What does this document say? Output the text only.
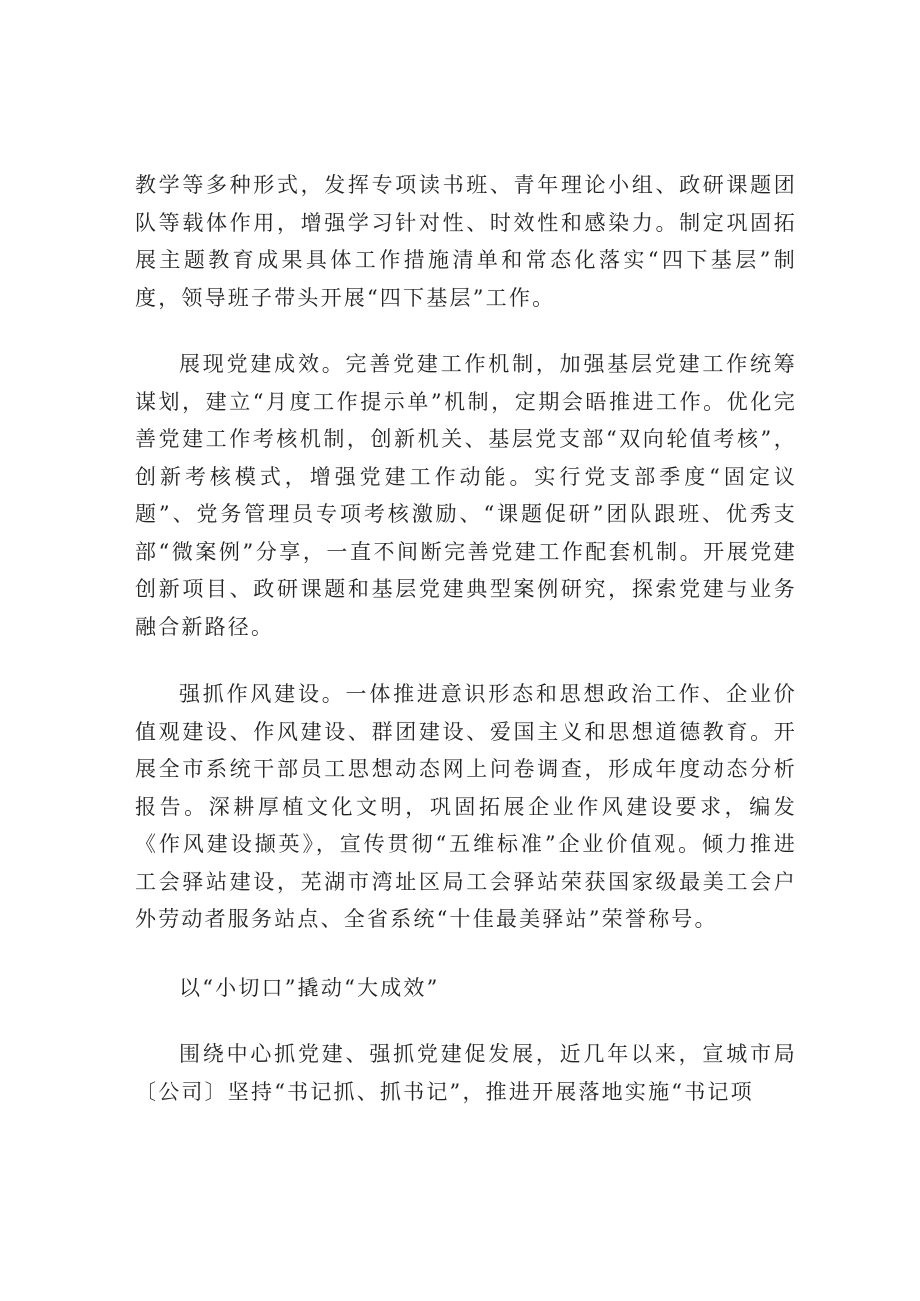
教学等多种形式，发挥专项读书班、青年理论小组、政研课题团队等载体作用，增强学习针对性、时效性和感染力。制定巩固拓展主题教育成果具体工作措施清单和常态化落实“四下基层”制度，领导班子带头开展“四下基层”工作。

展现党建成效。完善党建工作机制，加强基层党建工作统筹谋划，建立“月度工作提示单”机制，定期会晤推进工作。优化完善党建工作考核机制，创新机关、基层党支部“双向轮值考核”，创新考核模式，增强党建工作动能。实行党支部季度“固定议题”、党务管理员专项考核激励、“课题促研”团队跟班、优秀支部“微案例”分享，一直不间断完善党建工作配套机制。开展党建创新项目、政研课题和基层党建典型案例研究，探索党建与业务融合新路径。

强抓作风建设。一体推进意识形态和思想政治工作、企业价值观建设、作风建设、群团建设、爱国主义和思想道德教育。开展全市系统干部员工思想动态网上问卷调查，形成年度动态分析报告。深耕厚植文化文明，巩固拓展企业作风建设要求，编发《作风建设撷英》，宣传贯彻“五维标准”企业价值观。倾力推进工会驿站建设，芜湖市湾址区局工会驿站荣获国家级最美工会户外劳动者服务站点、全省系统“十佳最美驿站”荣誉称号。

以“小切口”撬动“大成效”

围绕中心抓党建、强抓党建促发展，近几年以来，宣城市局〔公司〕坚持“书记抓、抓书记”，推进开展落地实施“书记项
